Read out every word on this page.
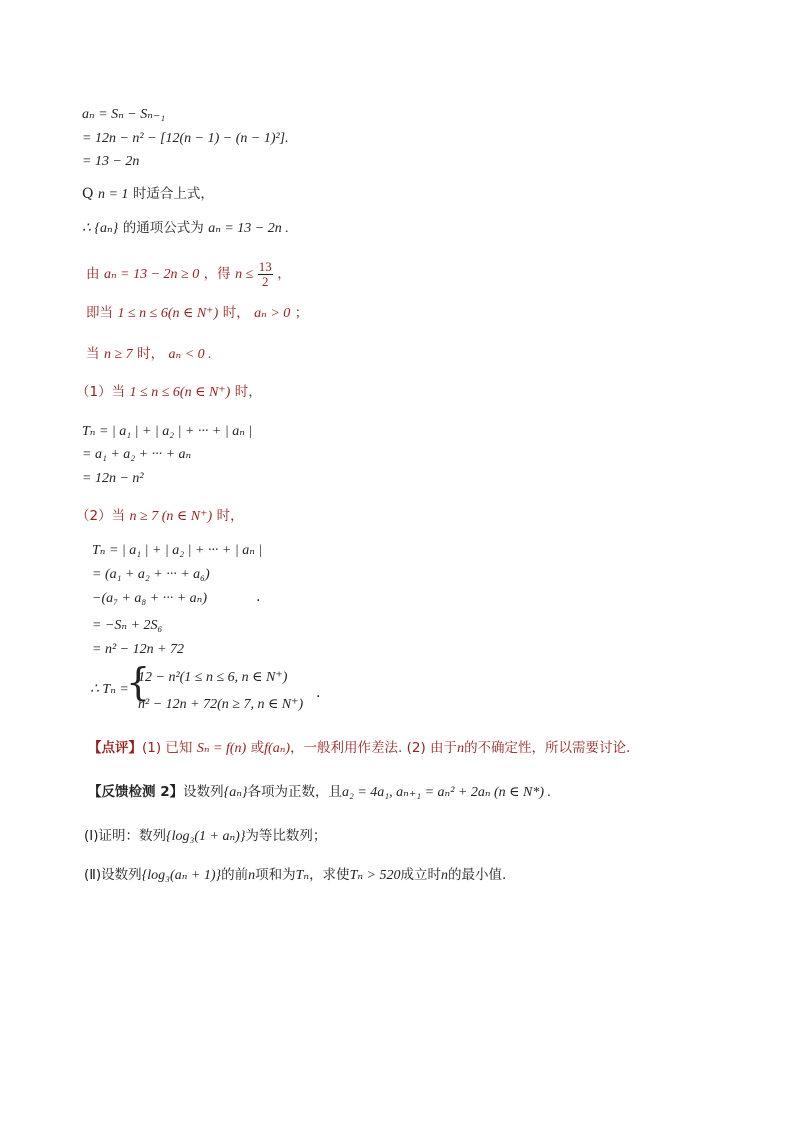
aₙ = Sₙ − Sₙ₋₁
= 12n − n² − [12(n − 1) − (n − 1)²].
= 13 − 2n
Q n = 1 时适合上式，
∴ {aₙ} 的通项公式为 aₙ = 13 − 2n .
由 aₙ = 13 − 2n ≥ 0 ，得 $n \le \frac{13}{2}$ ，
即当 1 ≤ n ≤ 6(n ∈ N⁺) 时， aₙ > 0 ；
当 n ≥ 7 时， aₙ < 0 .
（1）当 1 ≤ n ≤ 6(n ∈ N⁺) 时，
Tₙ = | a₁ | + | a₂ | + ··· + | aₙ |
= a₁ + a₂ + ··· + aₙ
= 12n − n²
（2）当 n ≥ 7 (n ∈ N⁺) 时，
Tₙ = | a₁ | + | a₂ | + ··· + | aₙ |
= (a₁ + a₂ + ··· + a₆)
−(a₇ + a₈ + ··· + aₙ)	.
= −Sₙ + 2S₆
= n² − 12n + 72
∴ Tₙ =
{
12 − n²(1 ≤ n ≤ 6, n ∈ N⁺)
n² − 12n + 72(n ≥ 7, n ∈ N⁺)
.
【点评】(1) 已知 Sₙ = f(n) 或f(aₙ)，一般利用作差法. (2) 由于n的不确定性，所以需要讨论.
【反馈检测 2】设数列{aₙ}各项为正数，且a₂ = 4a₁, aₙ₊₁ = aₙ² + 2aₙ (n ∈ N*) .
(Ⅰ)证明：数列{log₃(1 + aₙ)}为等比数列；
(Ⅱ)设数列{log₃(aₙ + 1)}的前n项和为Tₙ，求使Tₙ > 520成立时n的最小值.
